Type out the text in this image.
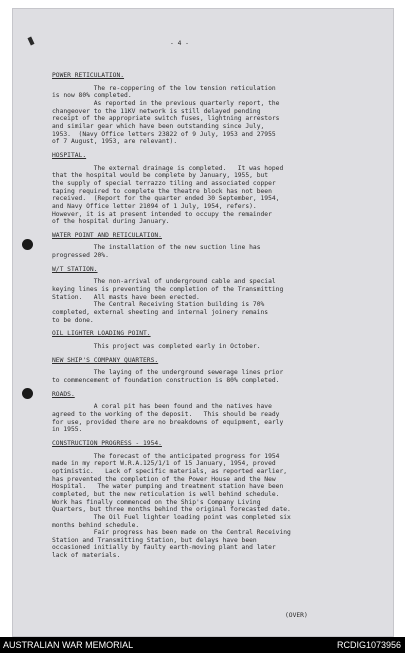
- 4 -
POWER RETICULATION.
The re-coppering of the low tension reticulation
is now 80% completed.
As reported in the previous quarterly report, the
changeover to the 11KV network is still delayed pending
receipt of the appropriate switch fuses, lightning arrestors
and similar gear which have been outstanding since July,
1953.  (Navy Office letters 23822 of 9 July, 1953 and 27955
of 7 August, 1953, are relevant).
HOSPITAL.
The external drainage is completed.   It was hoped
that the hospital would be complete by January, 1955, but
the supply of special terrazzo tiling and associated copper
taping required to complete the theatre block has not been
received.  (Report for the quarter ended 30 September, 1954,
and Navy Office letter 21094 of 1 July, 1954, refers).
However, it is at present intended to occupy the remainder
of the hospital during January.
WATER POINT AND RETICULATION.
The installation of the new suction line has
progressed 20%.
W/T STATION.
The non-arrival of underground cable and special
keying lines is preventing the completion of the Transmitting
Station.   All masts have been erected.
The Central Receiving Station building is 70%
completed, external sheeting and internal joinery remains
to be done.
OIL LIGHTER LOADING POINT.
This project was completed early in October.
NEW SHIP'S COMPANY QUARTERS.
The laying of the underground sewerage lines prior
to commencement of foundation construction is 80% completed.
ROADS.
A coral pit has been found and the natives have
agreed to the working of the deposit.   This should be ready
for use, provided there are no breakdowns of equipment, early
in 1955.
CONSTRUCTION PROGRESS - 1954.
The forecast of the anticipated progress for 1954
made in my report W.R.A.125/1/1 of 15 January, 1954, proved
optimistic.   Lack of specific materials, as reported earlier,
has prevented the completion of the Power House and the New
Hospital.   The water pumping and treatment station have been
completed, but the new reticulation is well behind schedule.
Work has finally commenced on the Ship's Company Living
Quarters, but three months behind the original forecasted date.
The Oil Fuel lighter loading point was completed six
months behind schedule.
Fair progress has been made on the Central Receiving
Station and Transmitting Station, but delays have been
occasioned initially by faulty earth-moving plant and later
lack of materials.
(OVER)
AUSTRALIAN WAR MEMORIAL	RCDIG1073956
